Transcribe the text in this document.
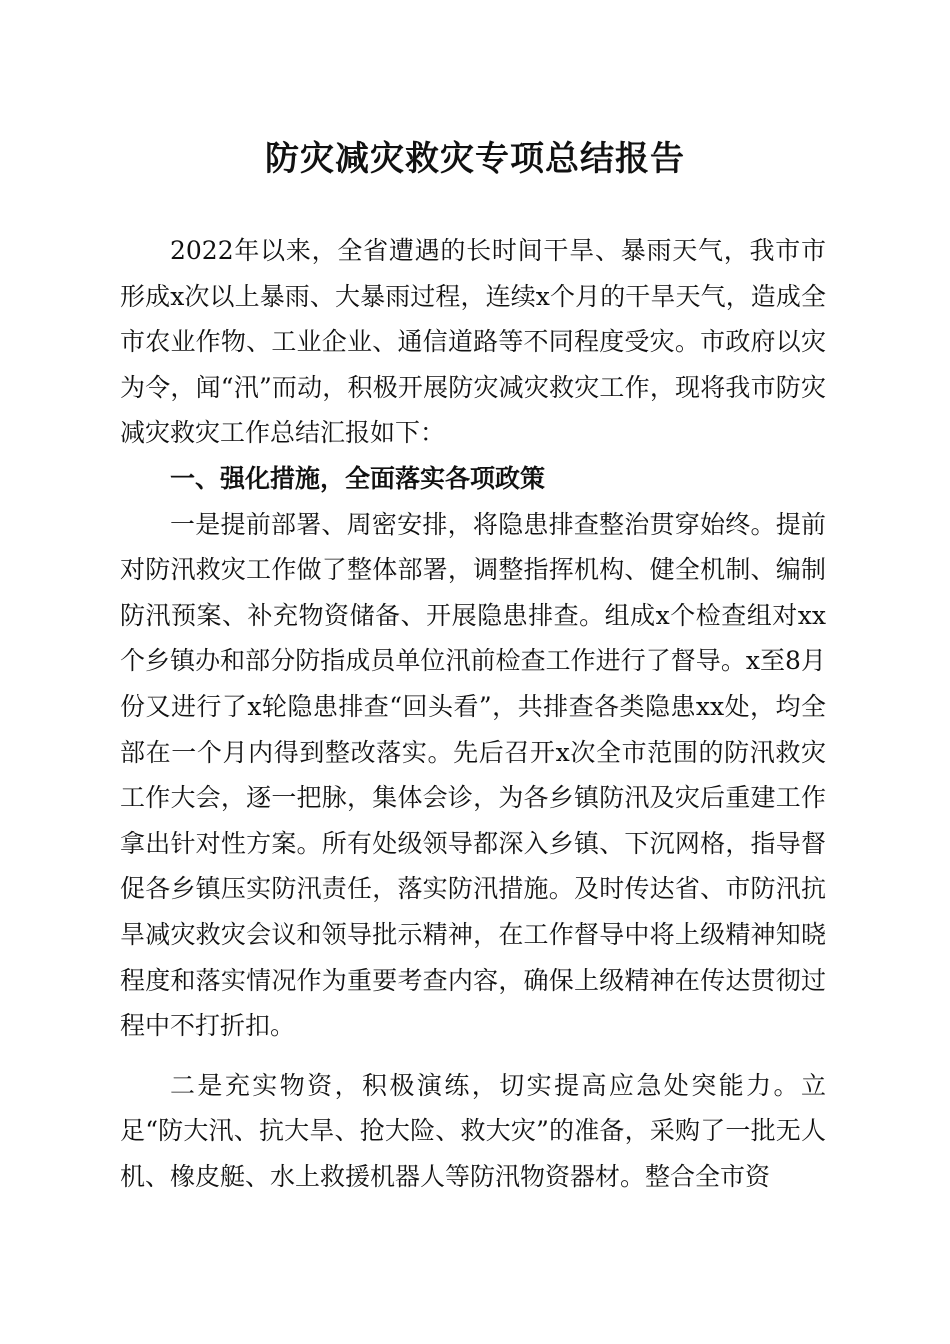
防灾减灾救灾专项总结报告

2022年以来，全省遭遇的长时间干旱、暴雨天气，我市市形成x次以上暴雨、大暴雨过程，连续x个月的干旱天气，造成全市农业作物、工业企业、通信道路等不同程度受灾。市政府以灾为令，闻“汛”而动，积极开展防灾减灾救灾工作，现将我市防灾减灾救灾工作总结汇报如下：

一、强化措施，全面落实各项政策

一是提前部署、周密安排，将隐患排查整治贯穿始终。提前对防汛救灾工作做了整体部署，调整指挥机构、健全机制、编制防汛预案、补充物资储备、开展隐患排查。组成x个检查组对xx个乡镇办和部分防指成员单位汛前检查工作进行了督导。x至8月份又进行了x轮隐患排查“回头看”，共排查各类隐患xx处，均全部在一个月内得到整改落实。先后召开x次全市范围的防汛救灾工作大会，逐一把脉，集体会诊，为各乡镇防汛及灾后重建工作拿出针对性方案。所有处级领导都深入乡镇、下沉网格，指导督促各乡镇压实防汛责任，落实防汛措施。及时传达省、市防汛抗旱减灾救灾会议和领导批示精神，在工作督导中将上级精神知晓程度和落实情况作为重要考查内容，确保上级精神在传达贯彻过程中不打折扣。

二是充实物资，积极演练，切实提高应急处突能力。立足“防大汛、抗大旱、抢大险、救大灾”的准备，采购了一批无人机、橡皮艇、水上救援机器人等防汛物资器材。整合全市资
